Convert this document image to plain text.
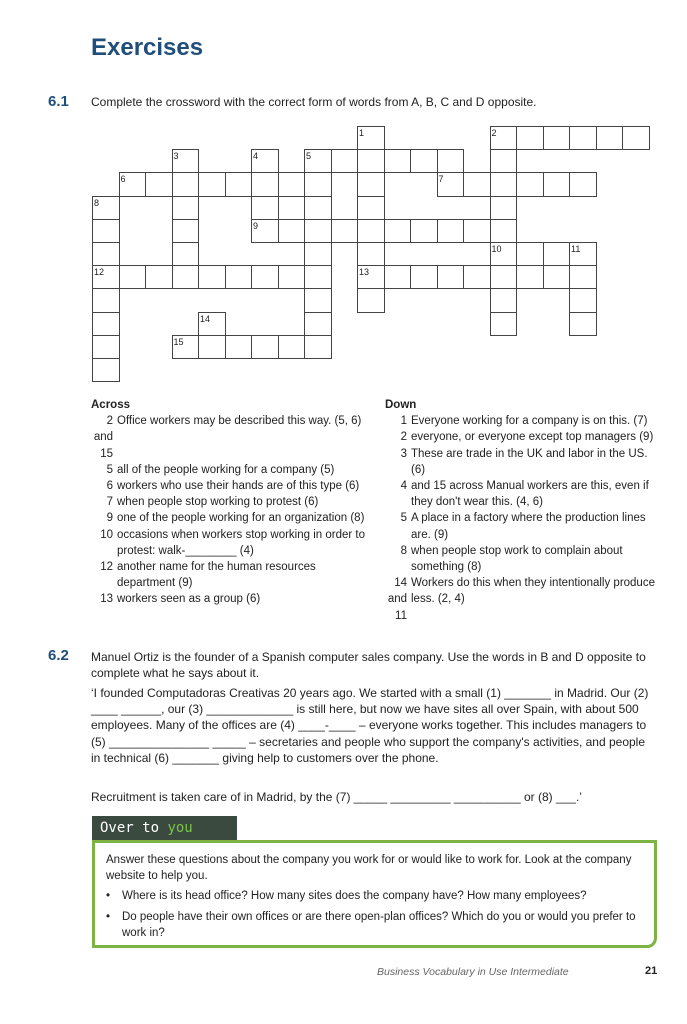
Exercises
6.1 Complete the crossword with the correct form of words from A, B, C and D opposite.
1	2
3	4	5
6	7
8
9
10	11
12	13
14
15
Across
2 and 15
Office workers may be described this way. (5, 6)
5 all of the people working for a company (5)
6 workers who use their hands are of this type (6)
7 when people stop working to protest (6)
9 one of the people working for an organization (8)
10 occasions when workers stop working in order to protest: walk-________ (4)
12 another name for the human resources department (9)
13 workers seen as a group (6)
Down
1 Everyone working for a company is on this. (7)
2 everyone, or everyone except top managers (9)
3 These are trade in the UK and labor in the US. (6)
4 and 15 across Manual workers are this, even if they don't wear this. (4, 6)
5 A place in a factory where the production lines are. (9)
8 when people stop work to complain about something (8)
14 and 11
Workers do this when they intentionally produce less. (2, 4)
6.2 Manuel Ortiz is the founder of a Spanish computer sales company. Use the words in B and D opposite to complete what he says about it.
‘I founded Computadoras Creativas 20 years ago. We started with a small (1) _______ in Madrid. Our (2) ____ ______, our (3) _____________ is still here, but now we have sites all over Spain, with about 500 employees. Many of the offices are (4) ____-____ – everyone works together. This includes managers to (5) _______________ _____ – secretaries and people who support the company's activities, and people in technical (6) _______ giving help to customers over the phone.
Recruitment is taken care of in Madrid, by the (7) _____ _________ __________ or (8) ___.’
Over to you
Answer these questions about the company you work for or would like to work for. Look at the company website to help you.
•	Where is its head office? How many sites does the company have? How many employees?
•	Do people have their own offices or are there open-plan offices? Which do you or would you prefer to work in?
Business Vocabulary in Use Intermediate	21
